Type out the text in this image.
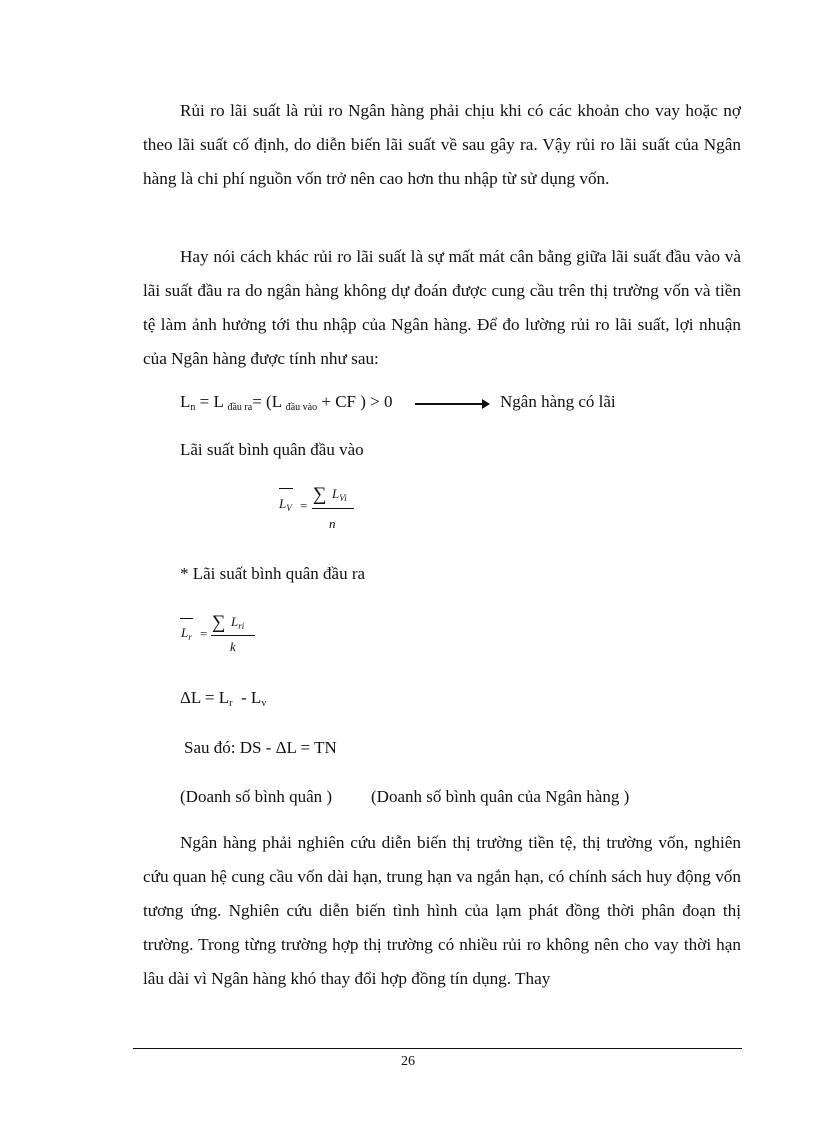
Rủi ro lãi suất là rủi ro Ngân hàng phải chịu khi có các khoản cho vay hoặc nợ theo lãi suất cố định, do diễn biến lãi suất về sau gây ra. Vậy rủi ro lãi suất của Ngân hàng là chi phí nguồn vốn trở nên cao hơn thu nhập từ sử dụng vốn.

Hay nói cách khác rủi ro lãi suất là sự mất mát cân bằng giữa lãi suất đầu vào và lãi suất đầu ra do ngân hàng không dự đoán được cung cầu trên thị trường vốn và tiền tệ làm ảnh hưởng tới thu nhập của Ngân hàng. Để đo lường rủi ro lãi suất, lợi nhuận của Ngân hàng được tính như sau:

$L_n = L$ $_{đầu ra}$= (L $_{đầu vào}$ + CF ) > 0	Ngân hàng có lãi
Lãi suất bình quân đầu vào
$L_V$ =
∑ $L_{Vi}$
n
* Lãi suất bình quân đầu ra
$L_r$ =
∑ $L_{ri}$
k
$\Delta L = L_r - L_v$
Sau đó: DS - ΔL = TN
(Doanh số bình quân ) (Doanh số bình quân của Ngân hàng )

Ngân hàng phải nghiên cứu diễn biến thị trường tiền tệ, thị trường vốn, nghiên cứu quan hệ cung cầu vốn dài hạn, trung hạn va ngắn hạn, có chính sách huy động vốn tương ứng. Nghiên cứu diễn biến tình hình của lạm phát đồng thời phân đoạn thị trường. Trong từng trường hợp thị trường có nhiều rủi ro không nên cho vay thời hạn lâu dài vì Ngân hàng khó thay đổi hợp đồng tín dụng. Thay

26
